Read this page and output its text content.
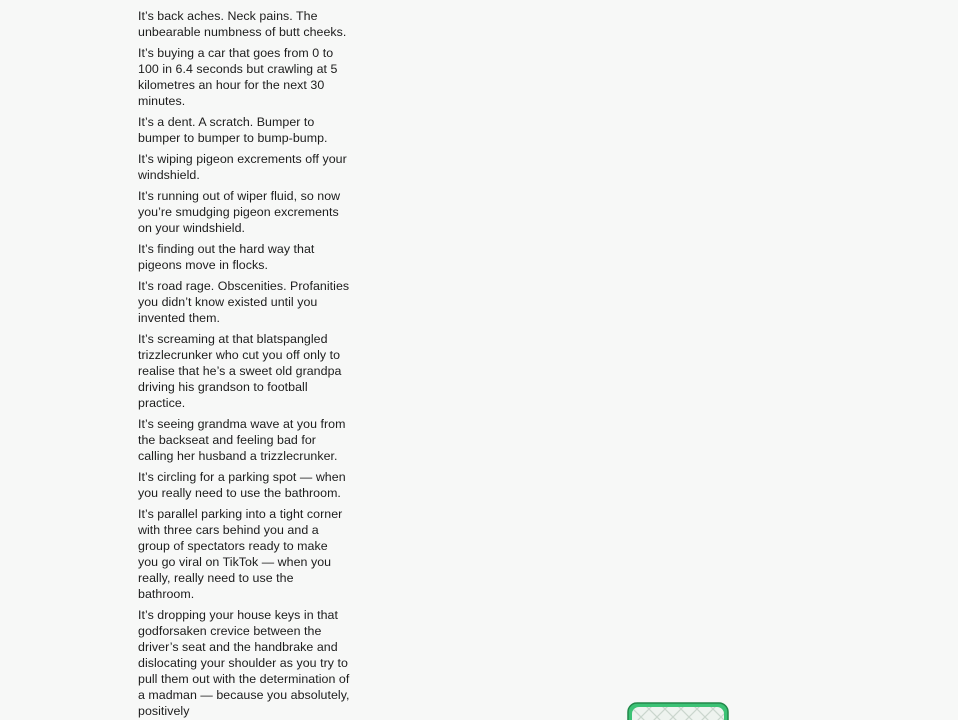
It’s back aches. Neck pains. The unbearable numbness of butt cheeks.

It’s buying a car that goes from 0 to 100 in 6.4 seconds but crawling at 5 kilometres an hour for the next 30 minutes.

It’s a dent. A scratch. Bumper to bumper to bumper to bump-bump.

It’s wiping pigeon excrements off your windshield.

It’s running out of wiper fluid, so now you’re smudging pigeon excrements on your windshield.

It’s finding out the hard way that pigeons move in flocks.

It’s road rage. Obscenities. Profanities you didn’t know existed until you invented them.

It’s screaming at that blatspangled trizzlecrunker who cut you off only to realise that he’s a sweet old grandpa driving his grandson to football practice.

It’s seeing grandma wave at you from the backseat and feeling bad for calling her husband a trizzlecrunker.

It’s circling for a parking spot — when you really need to use the bathroom.

It’s parallel parking into a tight corner with three cars behind you and a group of spectators ready to make you go viral on TikTok — when you really, really need to use the bathroom.

It’s dropping your house keys in that godforsaken crevice between the driver’s seat and the handbrake and dislocating your shoulder as you try to pull them out with the determination of a madman — because you absolutely, positively
